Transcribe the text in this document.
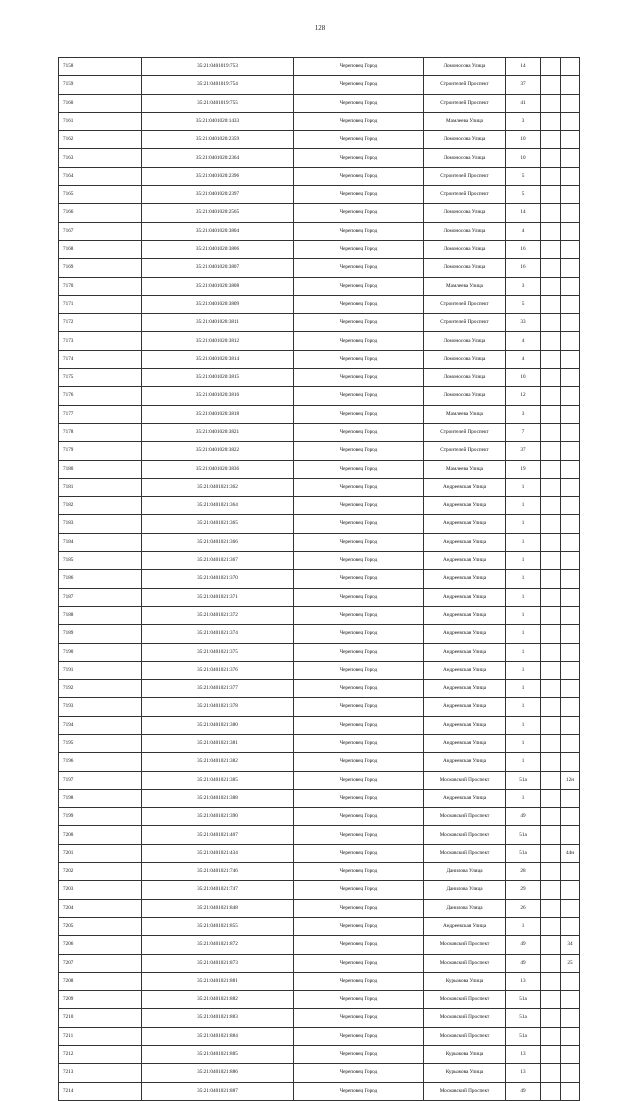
128
7158	35:21:0401019:753	Череповец Город	Ломоносова Улица	14		
7159	35:21:0401019:754	Череповец Город	Строителей Проспект	37		
7160	35:21:0401019:755	Череповец Город	Строителей Проспект	41		
7161	35:21:0401020:1433	Череповец Город	Мамлеева Улица	3		
7162	35:21:0401020:2359	Череповец Город	Ломоносова Улица	10		
7163	35:21:0401020:2364	Череповец Город	Ломоносова Улица	10		
7164	35:21:0401020:2396	Череповец Город	Строителей Проспект	5		
7165	35:21:0401020:2397	Череповец Город	Строителей Проспект	5		
7166	35:21:0401020:2565	Череповец Город	Ломоносова Улица	14		
7167	35:21:0401020:3804	Череповец Город	Ломоносова Улица	4		
7168	35:21:0401020:3806	Череповец Город	Ломоносова Улица	16		
7169	35:21:0401020:3807	Череповец Город	Ломоносова Улица	16		
7170	35:21:0401020:3808	Череповец Город	Мамлеева Улица	3		
7171	35:21:0401020:3809	Череповец Город	Строителей Проспект	5		
7172	35:21:0401020:3811	Череповец Город	Строителей Проспект	33		
7173	35:21:0401020:3812	Череповец Город	Ломоносова Улица	4		
7174	35:21:0401020:3814	Череповец Город	Ломоносова Улица	4		
7175	35:21:0401020:3815	Череповец Город	Ломоносова Улица	10		
7176	35:21:0401020:3816	Череповец Город	Ломоносова Улица	12		
7177	35:21:0401020:3818	Череповец Город	Мамлеева Улица	3		
7178	35:21:0401020:3821	Череповец Город	Строителей Проспект	7		
7179	35:21:0401020:3822	Череповец Город	Строителей Проспект	37		
7180	35:21:0401020:3836	Череповец Город	Мамлеева Улица	19		
7181	35:21:0401021:362	Череповец Город	Андреевская Улица	1		
7182	35:21:0401021:364	Череповец Город	Андреевская Улица	1		
7183	35:21:0401021:365	Череповец Город	Андреевская Улица	1		
7184	35:21:0401021:366	Череповец Город	Андреевская Улица	1		
7185	35:21:0401021:367	Череповец Город	Андреевская Улица	1		
7186	35:21:0401021:370	Череповец Город	Андреевская Улица	1		
7187	35:21:0401021:371	Череповец Город	Андреевская Улица	1		
7188	35:21:0401021:372	Череповец Город	Андреевская Улица	1		
7189	35:21:0401021:374	Череповец Город	Андреевская Улица	1		
7190	35:21:0401021:375	Череповец Город	Андреевская Улица	1		
7191	35:21:0401021:376	Череповец Город	Андреевская Улица	1		
7192	35:21:0401021:377	Череповец Город	Андреевская Улица	1		
7193	35:21:0401021:378	Череповец Город	Андреевская Улица	1		
7194	35:21:0401021:380	Череповец Город	Андреевская Улица	1		
7195	35:21:0401021:381	Череповец Город	Андреевская Улица	1		
7196	35:21:0401021:382	Череповец Город	Андреевская Улица	1		
7197	35:21:0401021:385	Череповец Город	Московский Проспект	51а		12н
7198	35:21:0401021:388	Череповец Город	Андреевская Улица	1		
7199	35:21:0401021:390	Череповец Город	Московский Проспект	49		
7200	35:21:0401021:407	Череповец Город	Московский Проспект	51а		
7201	35:21:0401021:434	Череповец Город	Московский Проспект	51а		44н
7202	35:21:0401021:746	Череповец Город	Данилова Улица	28		
7203	35:21:0401021:747	Череповец Город	Данилова Улица	29		
7204	35:21:0401021:848	Череповец Город	Данилова Улица	26		
7205	35:21:0401021:855	Череповец Город	Андреевская Улица	1		
7206	35:21:0401021:872	Череповец Город	Московский Проспект	49		34
7207	35:21:0401021:873	Череповец Город	Московский Проспект	49		25
7208	35:21:0401021:881	Череповец Город	Курыжова Улица	13		
7209	35:21:0401021:882	Череповец Город	Московский Проспект	51а		
7210	35:21:0401021:883	Череповец Город	Московский Проспект	51а		
7211	35:21:0401021:884	Череповец Город	Московский Проспект	51а		
7212	35:21:0401021:885	Череповец Город	Курыжова Улица	13		
7213	35:21:0401021:886	Череповец Город	Курыжова Улица	13		
7214	35:21:0401021:887	Череповец Город	Московский Проспект	49		
